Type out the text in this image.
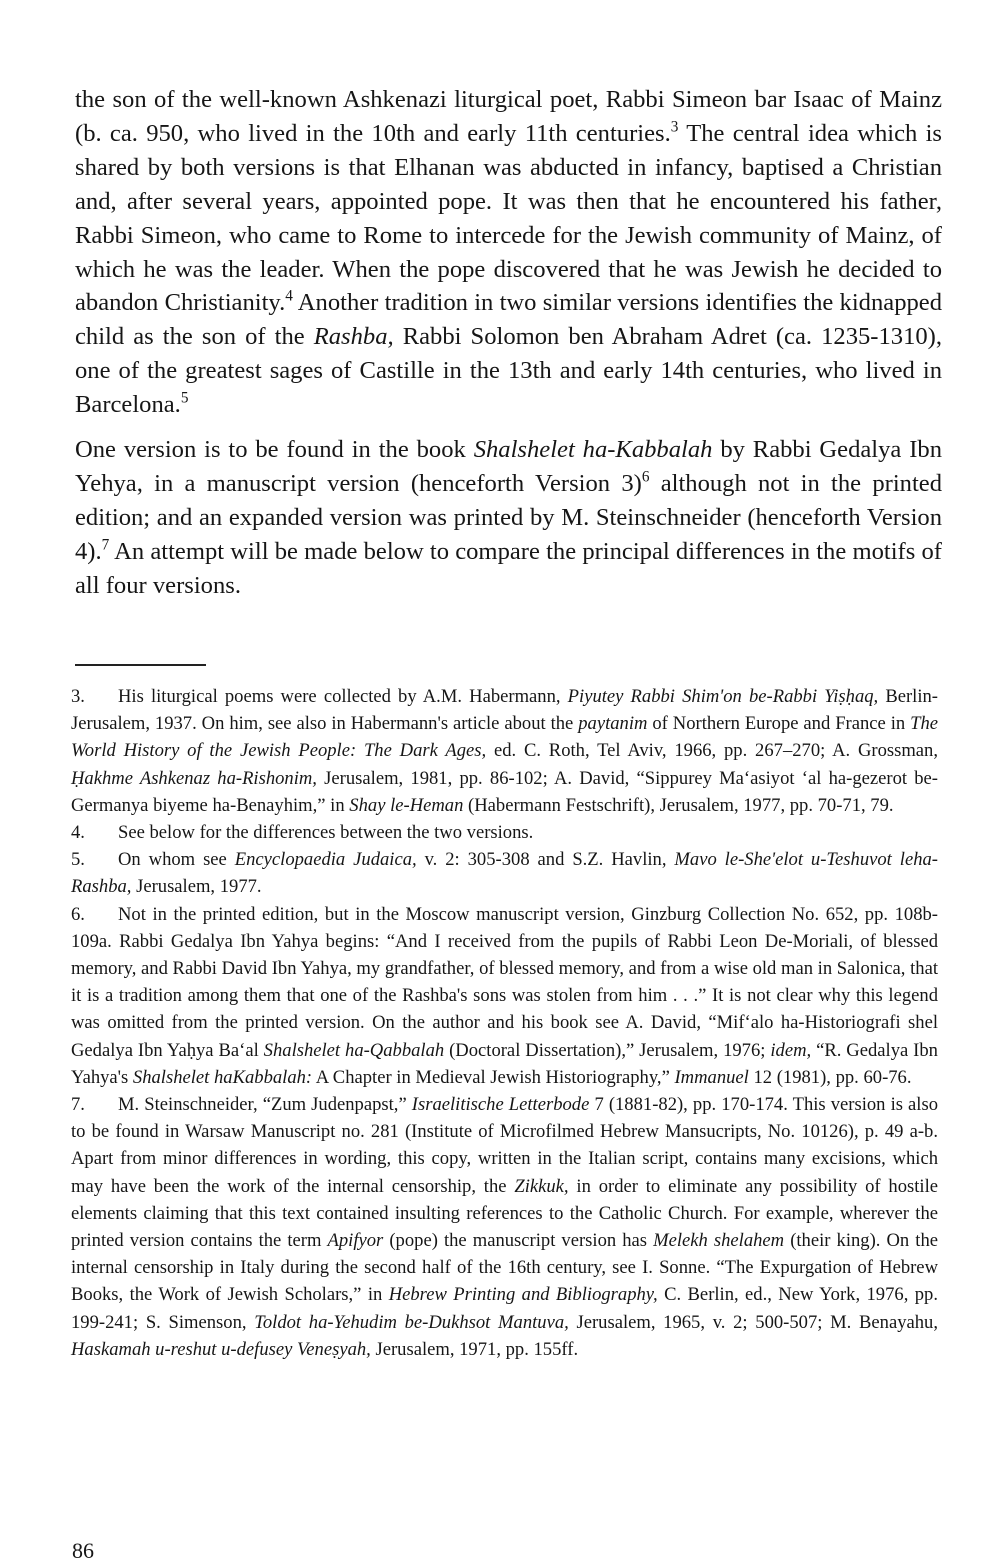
the son of the well-known Ashkenazi liturgical poet, Rabbi Simeon bar Isaac of Mainz (b. ca. 950, who lived in the 10th and early 11th centuries.$^3$ The central idea which is shared by both versions is that Elhanan was abducted in infancy, baptised a Christian and, after several years, appointed pope. It was then that he encountered his father, Rabbi Simeon, who came to Rome to intercede for the Jewish community of Mainz, of which he was the leader. When the pope discovered that he was Jewish he decided to abandon Christianity.$^4$ Another tradition in two similar versions identifies the kidnapped child as the son of the Rashba, Rabbi Solomon ben Abraham Adret (ca. 1235-1310), one of the greatest sages of Castille in the 13th and early 14th centuries, who lived in Barcelona.$^5$

One version is to be found in the book Shalshelet ha-Kabbalah by Rabbi Gedalya Ibn Yehya, in a manuscript version (henceforth Version 3)$^6$ although not in the printed edition; and an expanded version was printed by M. Steinschneider (henceforth Version 4).$^7$ An attempt will be made below to compare the principal differences in the motifs of all four versions.

3. His liturgical poems were collected by A.M. Habermann, Piyutey Rabbi Shim'on be-Rabbi Yiṣḥaq, Berlin-Jerusalem, 1937. On him, see also in Habermann's article about the paytanim of Northern Europe and France in The World History of the Jewish People: The Dark Ages, ed. C. Roth, Tel Aviv, 1966, pp. 267–270; A. Grossman, Ḥakhme Ashkenaz ha-Rishonim, Jerusalem, 1981, pp. 86-102; A. David, “Sippurey Ma‘asiyot ‘al ha-gezerot be-Germanya biyeme ha-Benayhim,” in Shay le-Heman (Habermann Festschrift), Jerusalem, 1977, pp. 70-71, 79.

4. See below for the differences between the two versions.

5. On whom see Encyclopaedia Judaica, v. 2: 305-308 and S.Z. Havlin, Mavo le-She'elot u-Teshuvot leha-Rashba, Jerusalem, 1977.

6. Not in the printed edition, but in the Moscow manuscript version, Ginzburg Collection No. 652, pp. 108b-109a. Rabbi Gedalya Ibn Yahya begins: “And I received from the pupils of Rabbi Leon De-Moriali, of blessed memory, and Rabbi David Ibn Yahya, my grandfather, of blessed memory, and from a wise old man in Salonica, that it is a tradition among them that one of the Rashba's sons was stolen from him . . .” It is not clear why this legend was omitted from the printed version. On the author and his book see A. David, “Mif‘alo ha-Historiografi shel Gedalya Ibn Yaḥya Ba‘al Shalshelet ha-Qabbalah (Doctoral Dissertation),” Jerusalem, 1976; idem, “R. Gedalya Ibn Yahya's Shalshelet haKabbalah: A Chapter in Medieval Jewish Historiography,” Immanuel 12 (1981), pp. 60-76.

7. M. Steinschneider, “Zum Judenpapst,” Israelitische Letterbode 7 (1881-82), pp. 170-174. This version is also to be found in Warsaw Manuscript no. 281 (Institute of Microfilmed Hebrew Mansucripts, No. 10126), p. 49 a-b. Apart from minor differences in wording, this copy, written in the Italian script, contains many excisions, which may have been the work of the internal censorship, the Zikkuk, in order to eliminate any possibility of hostile elements claiming that this text contained insulting references to the Catholic Church. For example, wherever the printed version contains the term Apifyor (pope) the manuscript version has Melekh shelahem (their king). On the internal censorship in Italy during the second half of the 16th century, see I. Sonne. “The Expurgation of Hebrew Books, the Work of Jewish Scholars,” in Hebrew Printing and Bibliography, C. Berlin, ed., New York, 1976, pp. 199-241; S. Simenson, Toldot ha-Yehudim be-Dukhsot Mantuva, Jerusalem, 1965, v. 2; 500-507; M. Benayahu, Haskamah u-reshut u-defusey Veneṣyah, Jerusalem, 1971, pp. 155ff.

86
